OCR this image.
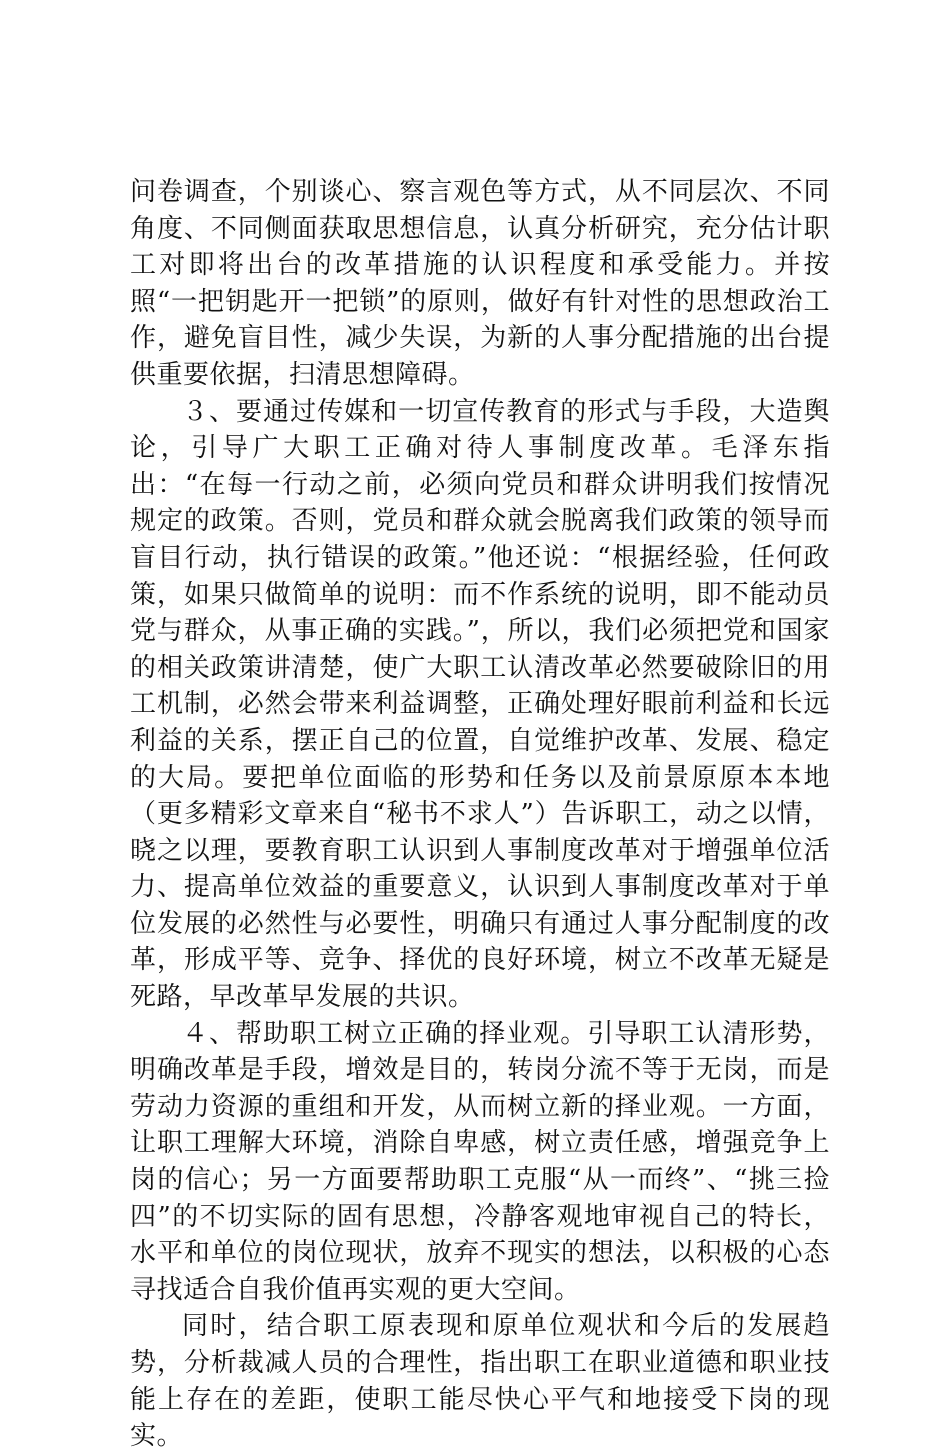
问卷调查，个别谈心、察言观色等方式，从不同层次、不同角度、不同侧面获取思想信息，认真分析研究，充分估计职工对即将出台的改革措施的认识程度和承受能力。并按照“一把钥匙开一把锁”的原则，做好有针对性的思想政治工作，避免盲目性，减少失误，为新的人事分配措施的出台提供重要依据，扫清思想障碍。

３、要通过传媒和一切宣传教育的形式与手段，大造舆论，引导广大职工正确对待人事制度改革。毛泽东指出：“在每一行动之前，必须向党员和群众讲明我们按情况规定的政策。否则，党员和群众就会脱离我们政策的领导而盲目行动，执行错误的政策。”他还说：“根据经验，任何政策，如果只做简单的说明：而不作系统的说明，即不能动员党与群众，从事正确的实践。”，所以，我们必须把党和国家的相关政策讲清楚，使广大职工认清改革必然要破除旧的用工机制，必然会带来利益调整，正确处理好眼前利益和长远利益的关系，摆正自己的位置，自觉维护改革、发展、稳定的大局。要把单位面临的形势和任务以及前景原原本本地（更多精彩文章来自“秘书不求人”）告诉职工，动之以情，晓之以理，要教育职工认识到人事制度改革对于增强单位活力、提高单位效益的重要意义，认识到人事制度改革对于单位发展的必然性与必要性，明确只有通过人事分配制度的改革，形成平等、竞争、择优的良好环境，树立不改革无疑是死路，早改革早发展的共识。

４、帮助职工树立正确的择业观。引导职工认清形势，明确改革是手段，增效是目的，转岗分流不等于无岗，而是劳动力资源的重组和开发，从而树立新的择业观。一方面，让职工理解大环境，消除自卑感，树立责任感，增强竞争上岗的信心；另一方面要帮助职工克服“从一而终”、“挑三捡四”的不切实际的固有思想，冷静客观地审视自己的特长，水平和单位的岗位现状，放弃不现实的想法，以积极的心态寻找适合自我价值再实观的更大空间。

同时，结合职工原表现和原单位观状和今后的发展趋势，分析裁减人员的合理性，指出职工在职业道德和职业技能上存在的差距，使职工能尽快心平气和地接受下岗的现实。
